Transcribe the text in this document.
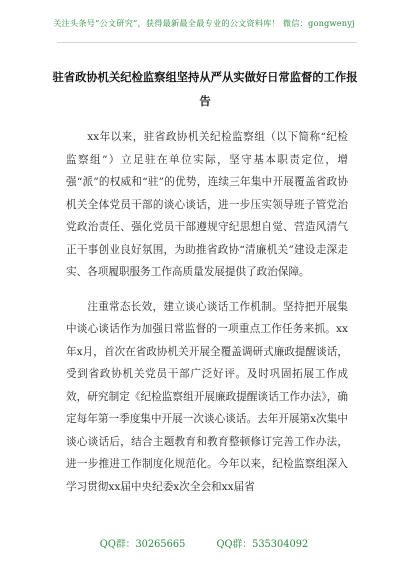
关注头条号“公文研究”，获得最新最全最专业的公文资料库！ 微信：gongwenyj
驻省政协机关纪检监察组坚持从严从实做好日常监督的工作报告

xx年以来，驻省政协机关纪检监察组（以下简称“纪检监察组”）立足驻在单位实际，坚守基本职责定位，增强“派”的权威和“驻”的优势，连续三年集中开展覆盖省政协机关全体党员干部的谈心谈话，进一步压实领导班子管党治党政治责任、强化党员干部遵规守纪思想自觉、营造风清气正干事创业良好氛围，为助推省政协“清廉机关”建设走深走实、各项履职服务工作高质量发展提供了政治保障。

注重常态长效，建立谈心谈话工作机制。坚持把开展集中谈心谈话作为加强日常监督的一项重点工作任务来抓。xx年x月，首次在省政协机关开展全覆盖调研式廉政提醒谈话，受到省政协机关党员干部广泛好评。及时巩固拓展工作成效，研究制定《纪检监察组开展廉政提醒谈话工作办法》，确定每年第一季度集中开展一次谈心谈话。去年开展第x次集中谈心谈话后，结合主题教育和教育整顿修订完善工作办法，进一步推进工作制度化规范化。今年以来，纪检监察组深入学习贯彻xx届中央纪委x次全会和xx届省

QQ群：30265665	QQ群：535304092
